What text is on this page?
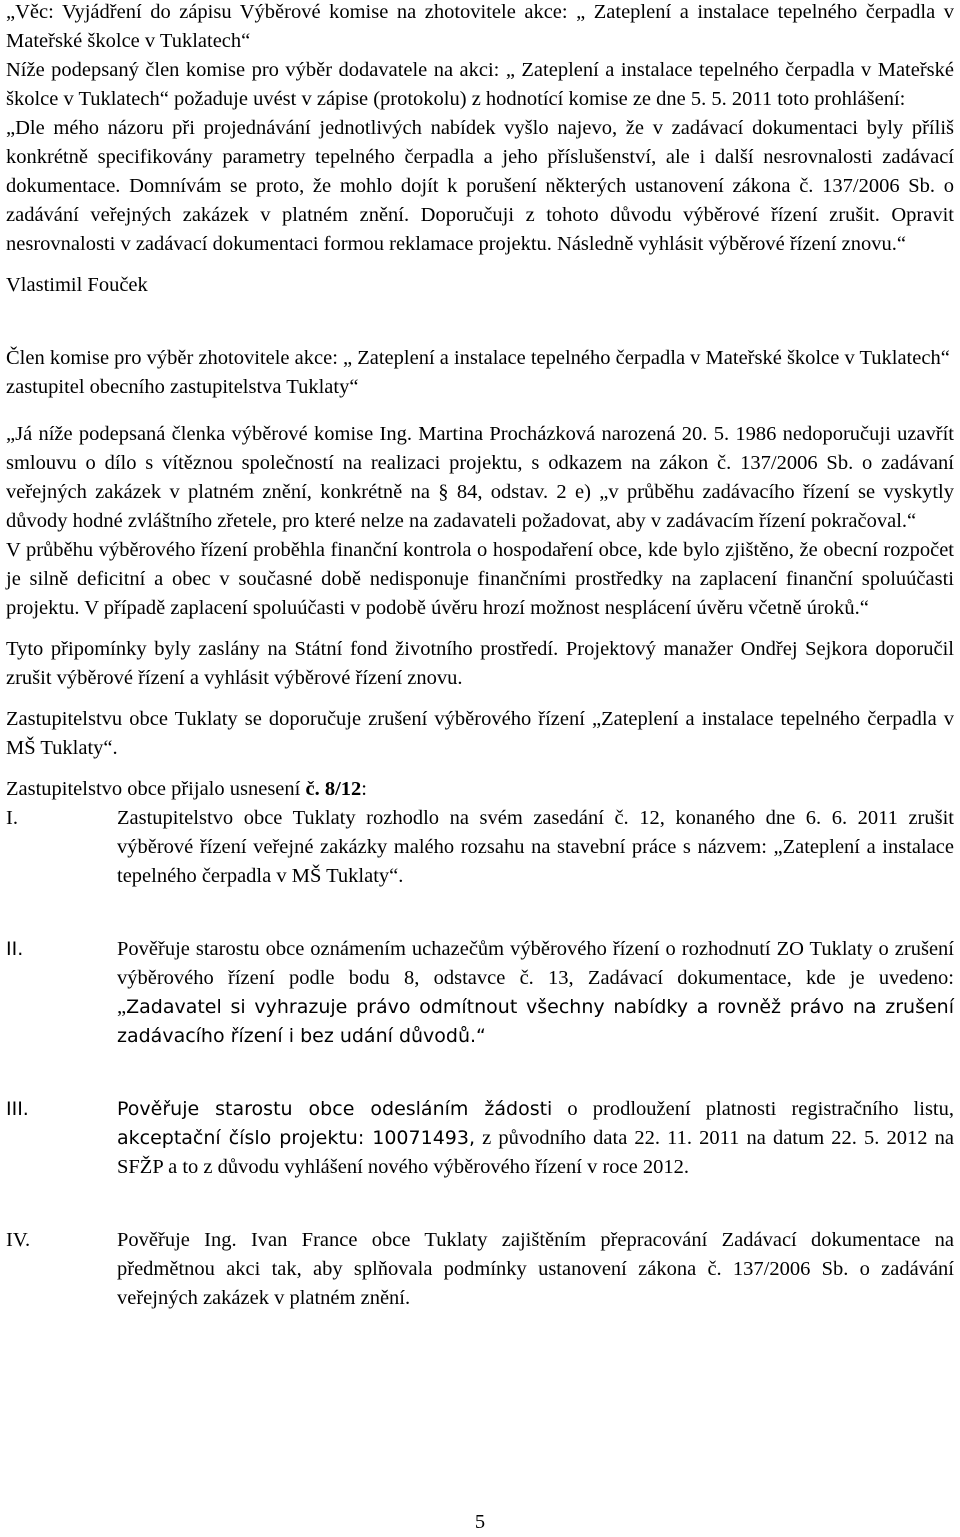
„Věc: Vyjádření do zápisu Výběrové komise na zhotovitele akce: „ Zateplení a instalace tepelného čerpadla v Mateřské školce v Tuklatech“

Níže podepsaný člen komise pro výběr dodavatele na akci: „ Zateplení a instalace tepelného čerpadla v Mateřské školce v Tuklatech“ požaduje uvést v zápise (protokolu) z hodnotící komise ze dne 5. 5. 2011 toto prohlášení:

„Dle mého názoru při projednávání jednotlivých nabídek vyšlo najevo, že v zadávací dokumentaci byly příliš konkrétně specifikovány parametry tepelného čerpadla a jeho příslušenství, ale i další nesrovnalosti zadávací dokumentace. Domnívám se proto, že mohlo dojít k porušení některých ustanovení zákona č. 137/2006 Sb. o zadávání veřejných zakázek v platném znění. Doporučuji z tohoto důvodu výběrové řízení zrušit. Opravit nesrovnalosti v zadávací dokumentaci formou reklamace projektu. Následně vyhlásit výběrové řízení znovu.“

Vlastimil Fouček

Člen komise pro výběr zhotovitele akce: „ Zateplení a instalace tepelného čerpadla v Mateřské školce v Tuklatech“

zastupitel obecního zastupitelstva Tuklaty“

„Já níže podepsaná členka výběrové komise Ing. Martina Procházková narozená 20. 5. 1986 nedoporučuji uzavřít smlouvu o dílo s vítěznou společností na realizaci projektu, s odkazem na zákon č. 137/2006 Sb. o zadávaní veřejných zakázek v platném znění, konkrétně na § 84, odstav. 2 e) „v průběhu zadávacího řízení se vyskytly důvody hodné zvláštního zřetele, pro které nelze na zadavateli požadovat, aby v zadávacím řízení pokračoval.“

V průběhu výběrového řízení proběhla finanční kontrola o hospodaření obce, kde bylo zjištěno, že obecní rozpočet je silně deficitní a obec v současné době nedisponuje finančními prostředky na zaplacení finanční spoluúčasti projektu. V případě zaplacení spoluúčasti v podobě úvěru hrozí možnost nesplácení úvěru včetně úroků.“

Tyto připomínky byly zaslány na Státní fond životního prostředí. Projektový manažer Ondřej Sejkora doporučil zrušit výběrové řízení a vyhlásit výběrové řízení znovu.

Zastupitelstvu obce Tuklaty se doporučuje zrušení výběrového řízení „Zateplení a instalace tepelného čerpadla v MŠ Tuklaty“.

Zastupitelstvo obce přijalo usnesení č. 8/12:

I.	Zastupitelstvo obce Tuklaty rozhodlo na svém zasedání č. 12, konaného dne 6. 6. 2011 zrušit výběrové řízení veřejné zakázky malého rozsahu na stavební práce s názvem: „Zateplení a instalace tepelného čerpadla v MŠ Tuklaty“.
II.	Pověřuje starostu obce oznámením uchazečům výběrového řízení o rozhodnutí ZO Tuklaty o zrušení výběrového řízení podle bodu 8, odstavce č. 13, Zadávací dokumentace, kde je uvedeno: „Zadavatel si vyhrazuje právo odmítnout všechny nabídky a rovněž právo na zrušení zadávacího řízení i bez udání důvodů.“
III.	Pověřuje starostu obce odesláním žádosti o prodloužení platnosti registračního listu, akceptační číslo projektu: 10071493, z původního data 22. 11. 2011 na datum 22. 5. 2012 na SFŽP a to z důvodu vyhlášení nového výběrového řízení v roce 2012.
IV.	Pověřuje Ing. Ivan France obce Tuklaty zajištěním přepracování Zadávací dokumentace na předmětnou akci tak, aby splňovala podmínky ustanovení zákona č. 137/2006 Sb. o zadávání veřejných zakázek v platném znění.
5
